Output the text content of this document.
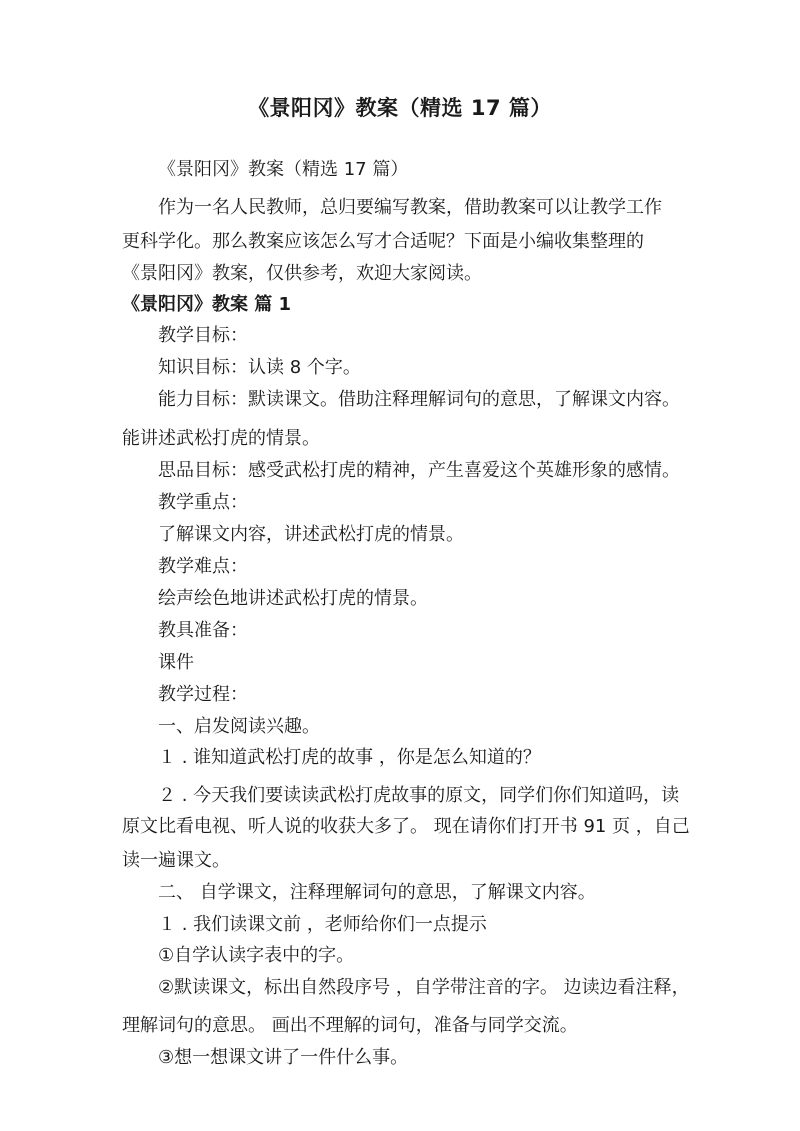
《景阳冈》教案（精选 17 篇）
《景阳冈》教案（精选 17 篇）
作为一名人民教师，总归要编写教案，借助教案可以让教学工作
更科学化。那么教案应该怎么写才合适呢？下面是小编收集整理的
《景阳冈》教案，仅供参考，欢迎大家阅读。
《景阳冈》教案 篇 1
教学目标：
知识目标：认读 8 个字。
能力目标：默读课文。借助注释理解词句的意思，了解课文内容。
能讲述武松打虎的情景。
思品目标：感受武松打虎的精神，产生喜爱这个英雄形象的感情。
教学重点：
了解课文内容，讲述武松打虎的情景。
教学难点：
绘声绘色地讲述武松打虎的情景。
教具准备：
课件
教学过程：
一、启发阅读兴趣。
１ . 谁知道武松打虎的故事 ，你是怎么知道的？
２ . 今天我们要读读武松打虎故事的原文，同学们你们知道吗，读
原文比看电视、听人说的收获大多了。 现在请你们打开书 91 页 ，自己
读一遍课文。
二、 自学课文，注释理解词句的意思，了解课文内容。
１ . 我们读课文前 ，老师给你们一点提示
①自学认读字表中的字。
②默读课文，标出自然段序号 ，自学带注音的字。 边读边看注释，
理解词句的意思。 画出不理解的词句，准备与同学交流。
③想一想课文讲了一件什么事。
